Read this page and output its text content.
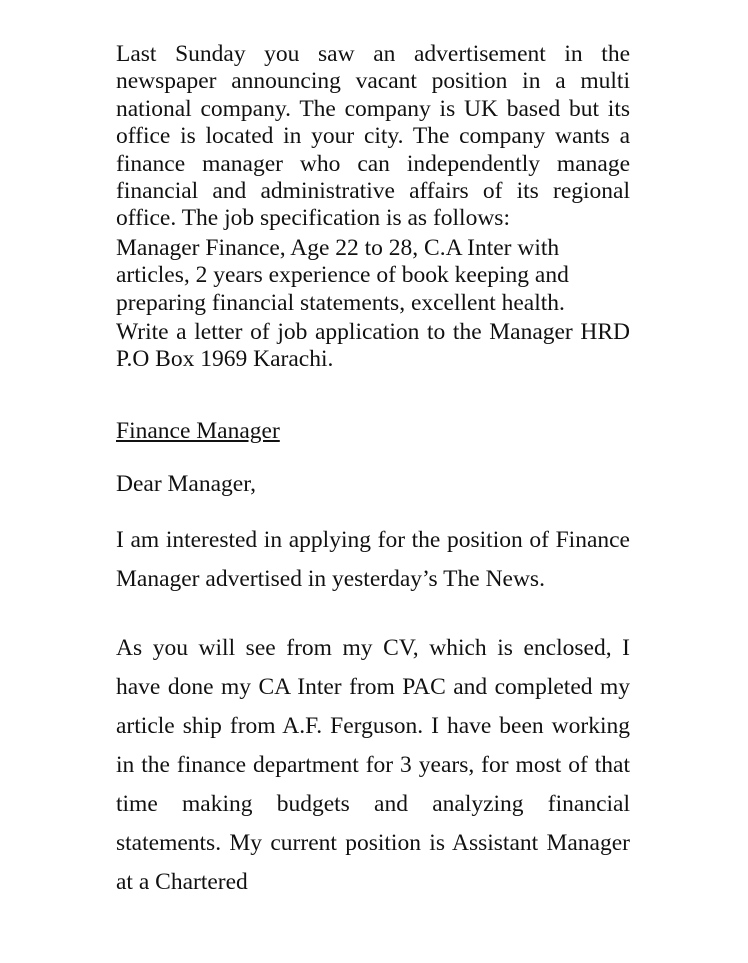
Last Sunday you saw an advertisement in the newspaper announcing vacant position in a multi national company. The company is UK based but its office is located in your city. The company wants a finance manager who can independently manage financial and administrative affairs of its regional office. The job specification is as follows:

Manager Finance, Age 22 to 28, C.A Inter with articles, 2 years experience of book keeping and preparing financial statements, excellent health.

Write a letter of job application to the Manager HRD P.O Box 1969 Karachi.

Finance Manager

Dear Manager,

I am interested in applying for the position of Finance Manager advertised in yesterday’s The News.

As you will see from my CV, which is enclosed, I have done my CA Inter from PAC and completed my article ship from A.F. Ferguson. I have been working in the finance department for 3 years, for most of that time making budgets and analyzing financial statements. My current position is Assistant Manager at a Chartered
